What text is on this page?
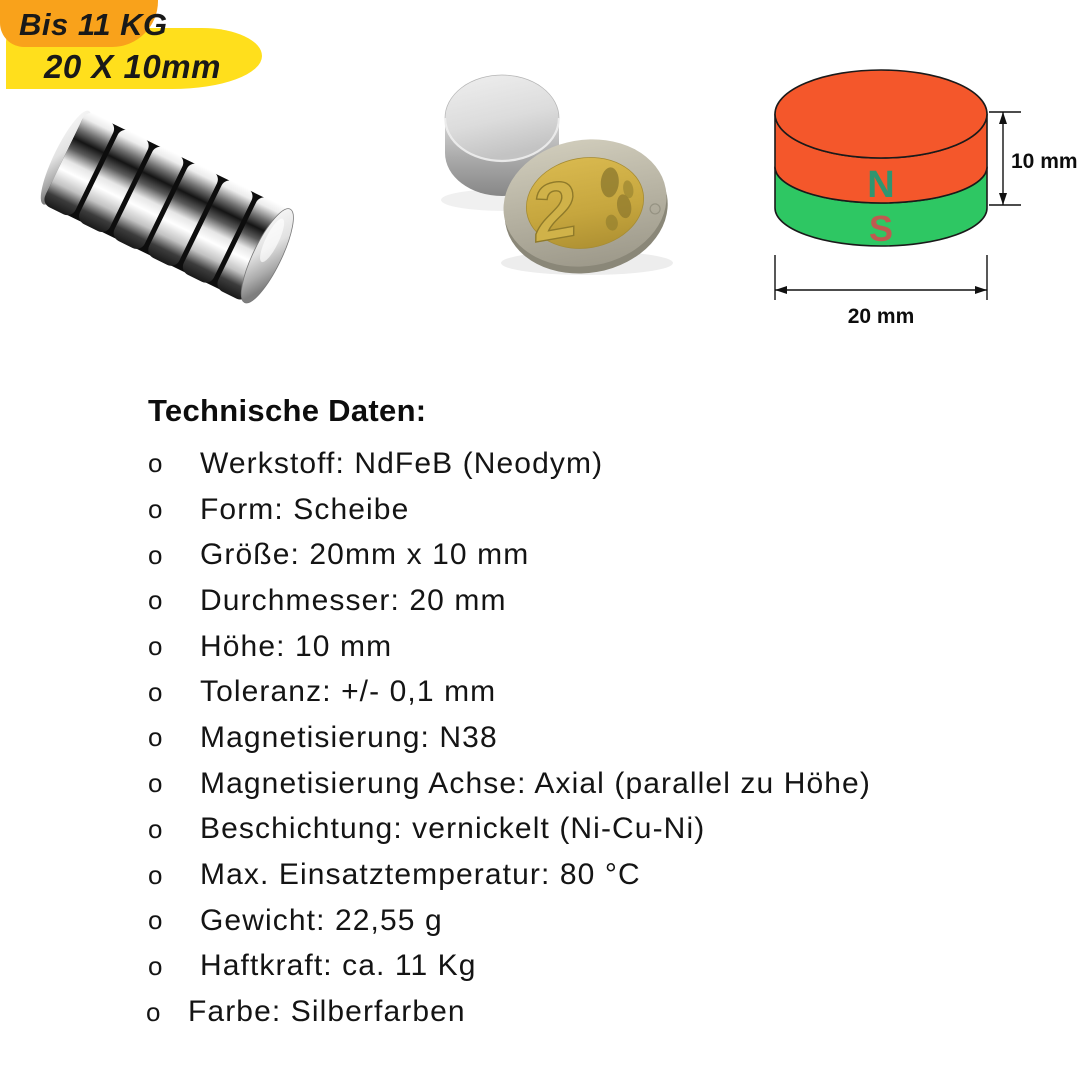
Bis 11 KG
20 X 10mm
2	N
S
10 mm
20 mm
Technische Daten:
o	Werkstoff: NdFeB (Neodym)
o	Form: Scheibe
o	Größe: 20mm x 10 mm
o	Durchmesser: 20 mm
o	Höhe: 10 mm
o	Toleranz: +/- 0,1 mm
o	Magnetisierung: N38
o	Magnetisierung Achse: Axial (parallel zu Höhe)
o	Beschichtung: vernickelt (Ni-Cu-Ni)
o	Max. Einsatztemperatur: 80 °C
o	Gewicht: 22,55 g
o	Haftkraft: ca. 11 Kg
o Farbe: Silberfarben
